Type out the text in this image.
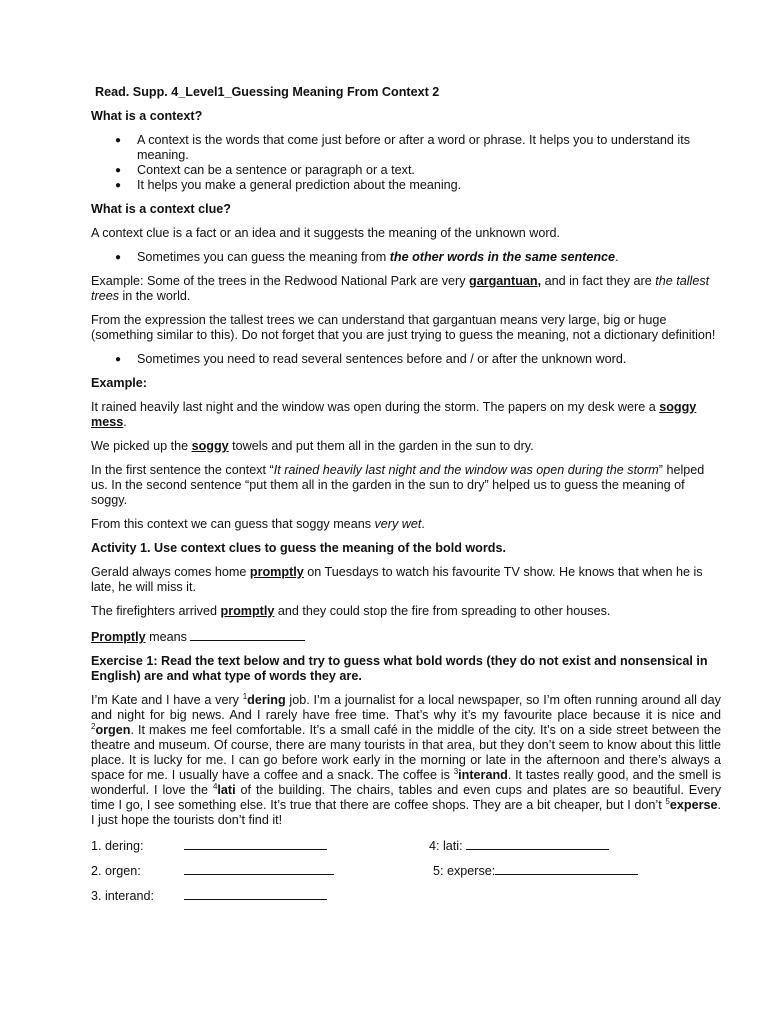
Read. Supp. 4_Level1_Guessing Meaning From Context 2

What is a context?

● A context is the words that come just before or after a word or phrase. It helps you to understand its meaning.
● Context can be a sentence or paragraph or a text.
● It helps you make a general prediction about the meaning.

What is a context clue?

A context clue is a fact or an idea and it suggests the meaning of the unknown word.

● Sometimes you can guess the meaning from the other words in the same sentence.

Example: Some of the trees in the Redwood National Park are very gargantuan, and in fact they are the tallest trees in the world.

From the expression the tallest trees we can understand that gargantuan means very large, big or huge (something similar to this). Do not forget that you are just trying to guess the meaning, not a dictionary definition!

● Sometimes you need to read several sentences before and / or after the unknown word.

Example:

It rained heavily last night and the window was open during the storm. The papers on my desk were a soggy mess.

We picked up the soggy towels and put them all in the garden in the sun to dry.

In the first sentence the context “It rained heavily last night and the window was open during the storm” helped us. In the second sentence “put them all in the garden in the sun to dry” helped us to guess the meaning of soggy.

From this context we can guess that soggy means very wet.

Activity 1. Use context clues to guess the meaning of the bold words.

Gerald always comes home promptly on Tuesdays to watch his favourite TV show. He knows that when he is late, he will miss it.

The firefighters arrived promptly and they could stop the fire from spreading to other houses.

Promptly means

Exercise 1: Read the text below and try to guess what bold words (they do not exist and nonsensical in English) are and what type of words they are.

I’m Kate and I have a very $^1$dering job. I’m a journalist for a local newspaper, so I’m often running around all day and night for big news. And I rarely have free time. That’s why it’s my favourite place because it is nice and $^2$orgen. It makes me feel comfortable. It’s a small café in the middle of the city. It’s on a side street between the theatre and museum. Of course, there are many tourists in that area, but they don’t seem to know about this little place. It is lucky for me. I can go before work early in the morning or late in the afternoon and there’s always a space for me. I usually have a coffee and a snack. The coffee is $^3$interand. It tastes really good, and the smell is wonderful. I love the $^4$lati of the building. The chairs, tables and even cups and plates are so beautiful. Every time I go, I see something else. It’s true that there are coffee shops. They are a bit cheaper, but I don’t $^5$experse. I just hope the tourists don’t find it!

1. dering:	4: lati:
2. orgen:	5: experse:
3. interand:
